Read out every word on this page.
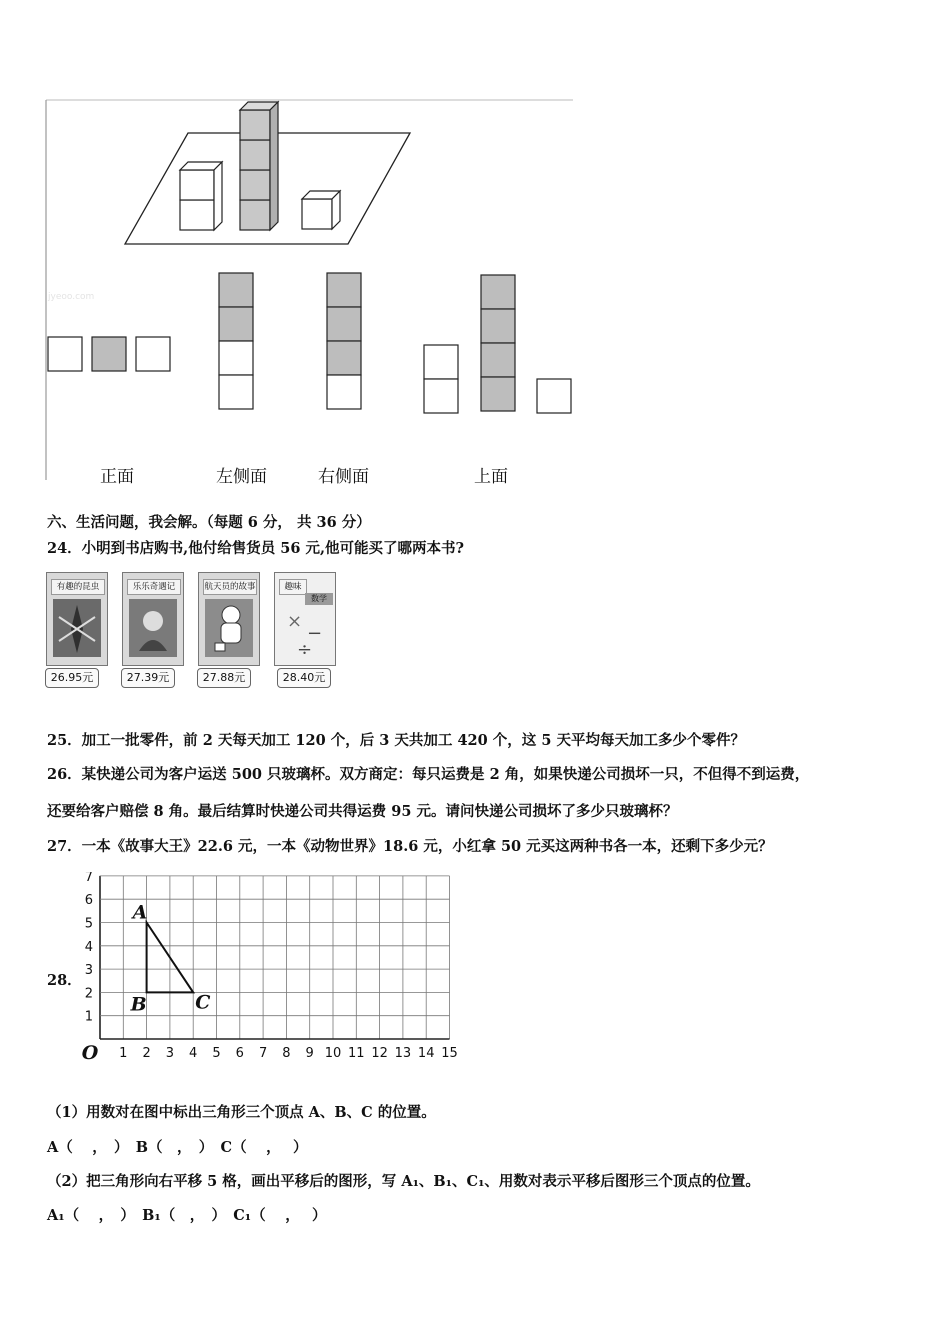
jyeoo.com
正面	左侧面	右侧面	上面
六、生活问题，我会解。（每题 6 分， 共 36 分）
24．小明到书店购书,他付给售货员 56 元,他可能买了哪两本书?
有趣的昆虫	乐乐奇遇记	航天员的故事	趣味
数学
×
−
÷
26.95元	27.39元	27.88元	28.40元
25．加工一批零件，前 2 天每天加工 120 个，后 3 天共加工 420 个，这 5 天平均每天加工多少个零件？
26．某快递公司为客户运送 500 只玻璃杯。双方商定：每只运费是 2 角，如果快递公司损坏一只，不但得不到运费，
还要给客户赔偿 8 角。最后结算时快递公司共得运费 95 元。请问快递公司损坏了多少只玻璃杯？
27．一本《故事大王》22.6 元，一本《动物世界》18.6 元，小红拿 50 元买这两种书各一本，还剩下多少元？
28．
1 2 3 4 5 6 7 8 9 10 11 12 13 14 15
1
2
3
4
5
6
7
O
A
B	C
（1）用数对在图中标出三角形三个顶点 A、B、C 的位置。
A（　 ，　）　B（　，　）　C（　 ，　 ）
（2）把三角形向右平移 5 格，画出平移后的图形，写 A₁、B₁、C₁、用数对表示平移后图形三个顶点的位置。
A₁（　 ，　）　B₁（　，　）　C₁（　 ，　 ）
